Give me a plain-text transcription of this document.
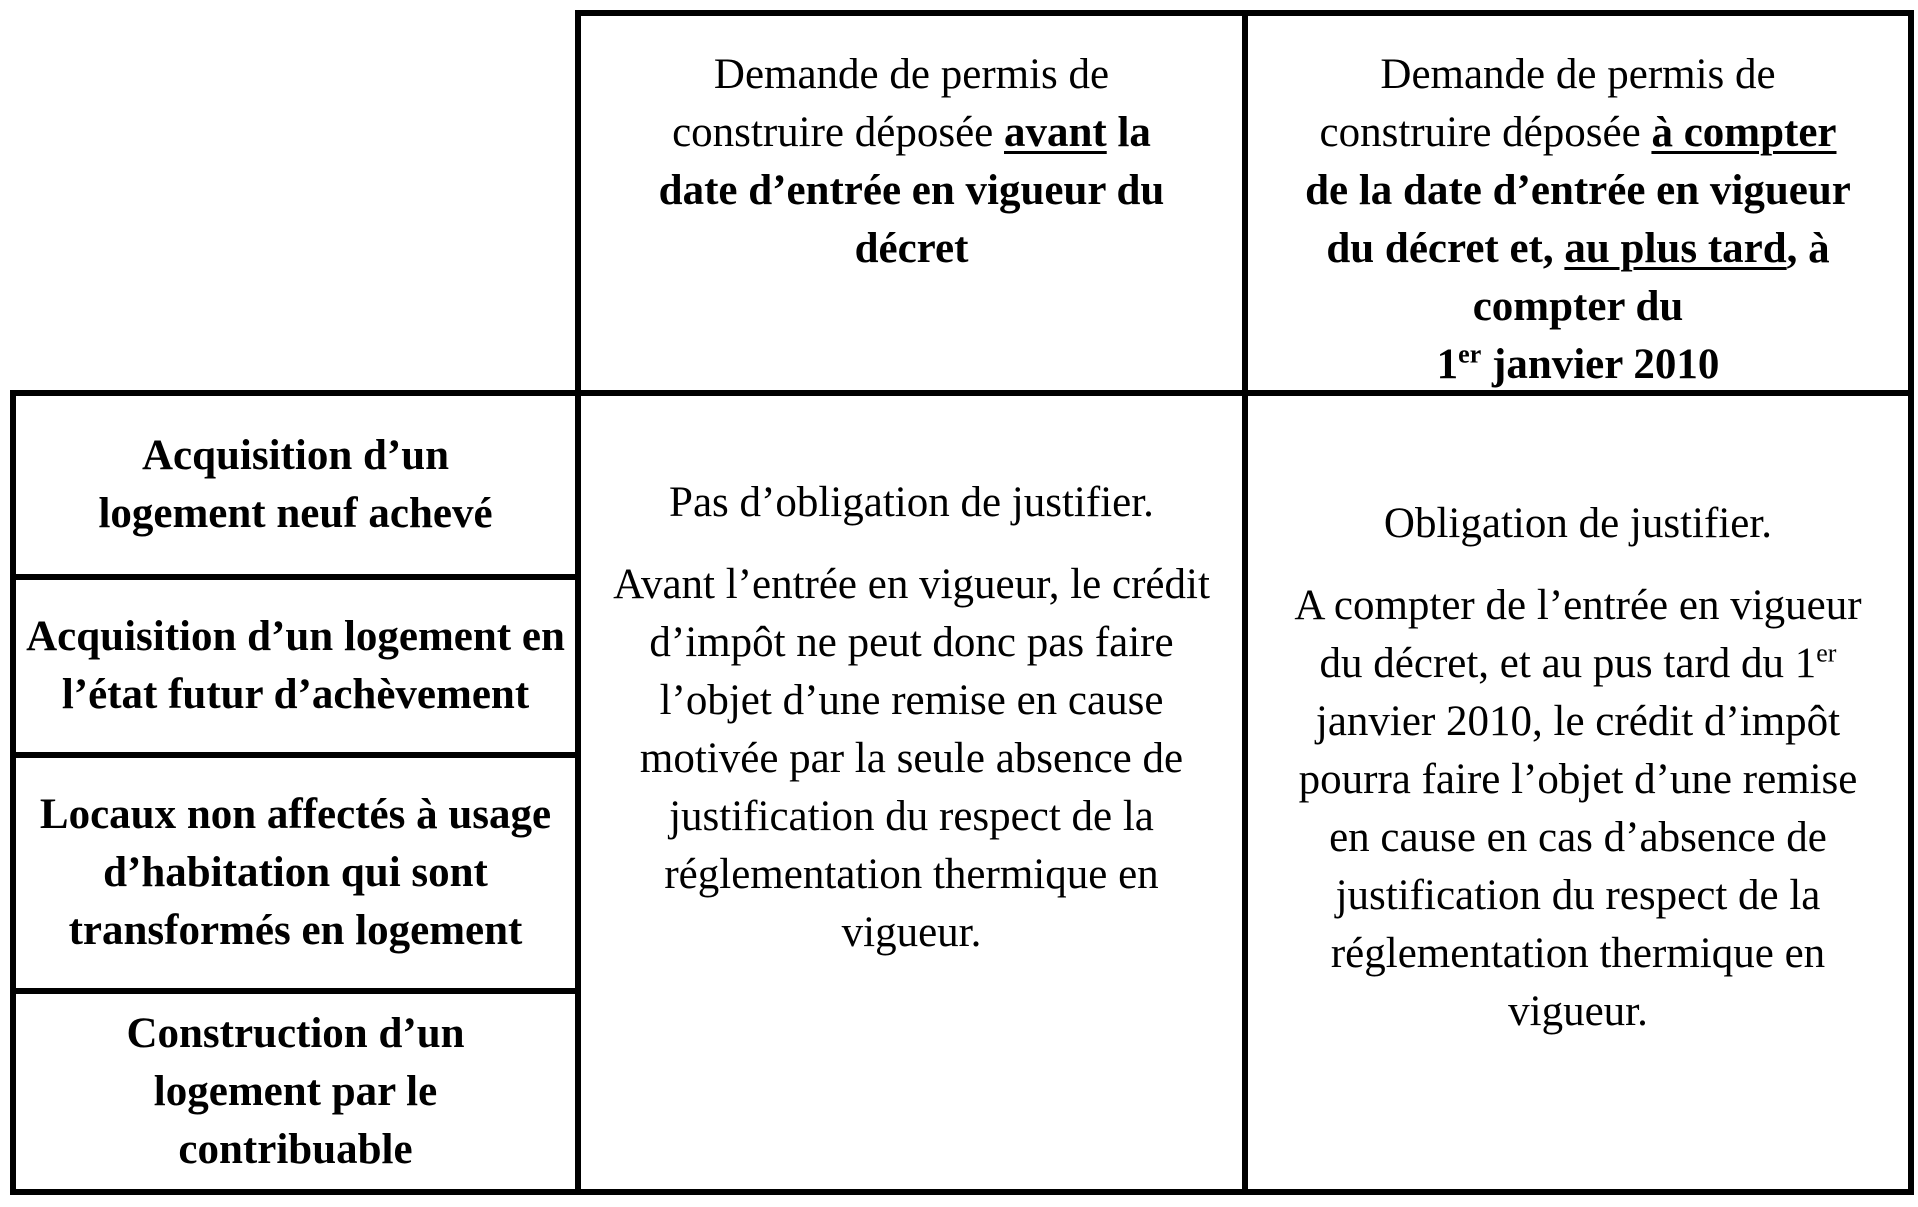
Demande de permis de
construire déposée avant la
date d’entrée en vigueur du
décret
Demande de permis de
construire déposée à compter
de la date d’entrée en vigueur
du décret et, au plus tard, à
compter du
1er janvier 2010
Acquisition d’un logement neuf achevé
Acquisition d’un logement en l’état futur d’achèvement
Locaux non affectés à usage d’habitation qui sont transformés en logement
Construction d’un logement par le contribuable

Pas d’obligation de justifier.

Avant l’entrée en vigueur, le crédit d’impôt ne peut donc pas faire l’objet d’une remise en cause motivée par la seule absence de justification du respect de la réglementation thermique en vigueur.

Obligation de justifier.

A compter de l’entrée en vigueur du décret, et au pus tard du 1er janvier 2010, le crédit d’impôt pourra faire l’objet d’une remise en cause en cas d’absence de justification du respect de la réglementation thermique en vigueur.
